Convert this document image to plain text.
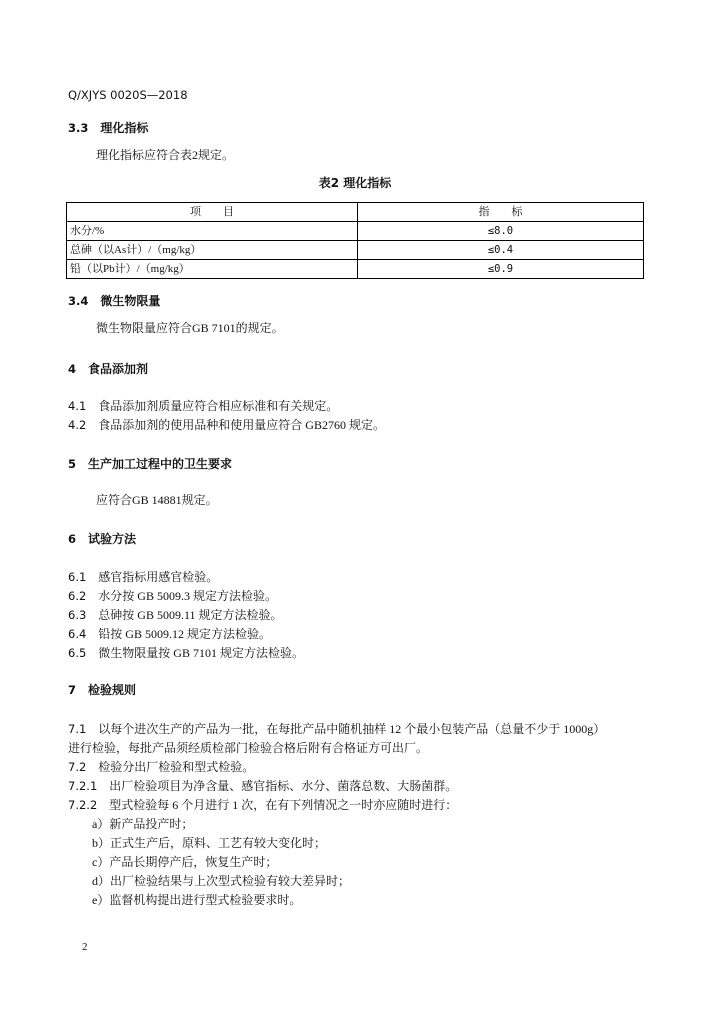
Q/XJYS 0020S—2018
3.3 理化指标
理化指标应符合表2规定。
表2 理化指标
项　　目	指　　标
水分/%	≤8.0
总砷（以As计）/（mg/kg）	≤0.4
铅（以Pb计）/（mg/kg）	≤0.9
3.4 微生物限量
微生物限量应符合GB 7101的规定。
4 食品添加剂
4.1 食品添加剂质量应符合相应标准和有关规定。
4.2 食品添加剂的使用品种和使用量应符合 GB2760 规定。
5 生产加工过程中的卫生要求
应符合GB 14881规定。
6 试验方法
6.1 感官指标用感官检验。
6.2 水分按 GB 5009.3 规定方法检验。
6.3 总砷按 GB 5009.11 规定方法检验。
6.4 铅按 GB 5009.12 规定方法检验。
6.5 微生物限量按 GB 7101 规定方法检验。
7 检验规则
7.1 以每个进次生产的产品为一批，在每批产品中随机抽样 12 个最小包装产品（总量不少于 1000g）
进行检验，每批产品须经质检部门检验合格后附有合格证方可出厂。
7.2 检验分出厂检验和型式检验。
7.2.1 出厂检验项目为净含量、感官指标、水分、菌落总数、大肠菌群。
7.2.2 型式检验每 6 个月进行 1 次，在有下列情况之一时亦应随时进行：
a）新产品投产时；
b）正式生产后，原料、工艺有较大变化时；
c）产品长期停产后，恢复生产时；
d）出厂检验结果与上次型式检验有较大差异时；
e）监督机构提出进行型式检验要求时。
2
